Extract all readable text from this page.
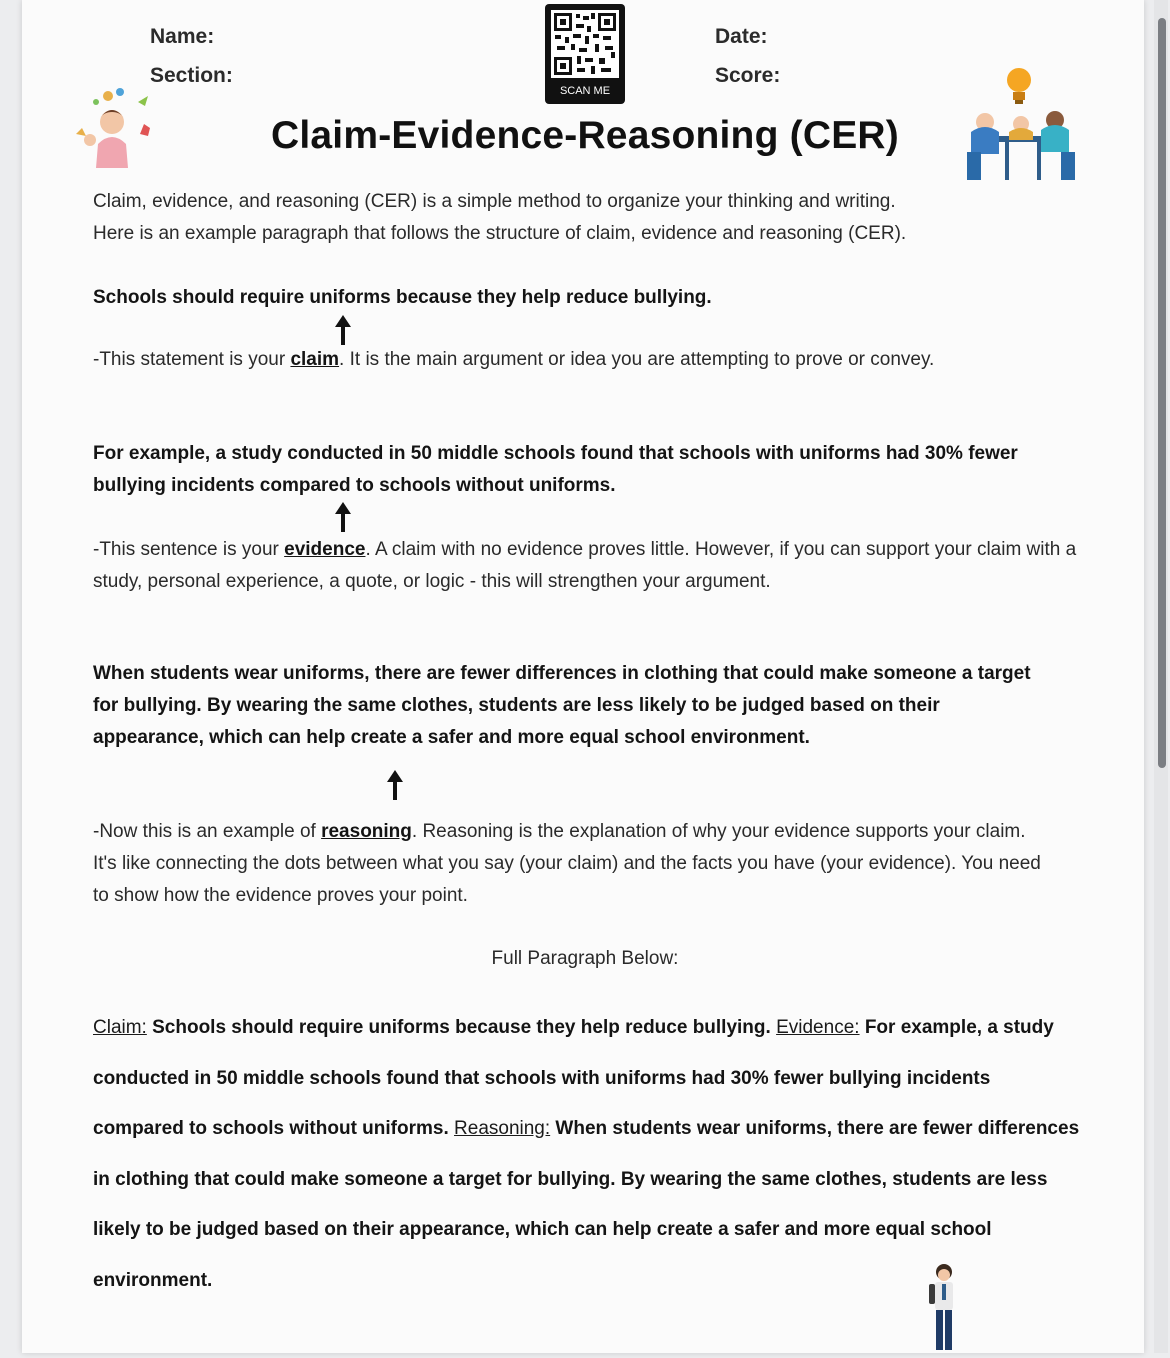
Name:
Section:
Date:
Score:
SCAN ME
Claim-Evidence-Reasoning (CER)
Claim, evidence, and reasoning (CER) is a simple method to organize your thinking and writing.
Here is an example paragraph that follows the structure of claim, evidence and reasoning (CER).
Schools should require uniforms because they help reduce bullying.
-This statement is your claim. It is the main argument or idea you are attempting to prove or convey.
For example, a study conducted in 50 middle schools found that schools with uniforms had 30% fewer bullying incidents compared to schools without uniforms.
-This sentence is your evidence. A claim with no evidence proves little. However, if you can support your claim with a study, personal experience, a quote, or logic - this will strengthen your argument.
When students wear uniforms, there are fewer differences in clothing that could make someone a target for bullying. By wearing the same clothes, students are less likely to be judged based on their appearance, which can help create a safer and more equal school environment.
-Now this is an example of reasoning. Reasoning is the explanation of why your evidence supports your claim. It's like connecting the dots between what you say (your claim) and the facts you have (your evidence). You need to show how the evidence proves your point.
Full Paragraph Below:
Claim: Schools should require uniforms because they help reduce bullying. Evidence: For example, a study conducted in 50 middle schools found that schools with uniforms had 30% fewer bullying incidents compared to schools without uniforms. Reasoning: When students wear uniforms, there are fewer differences in clothing that could make someone a target for bullying. By wearing the same clothes, students are less likely to be judged based on their appearance, which can help create a safer and more equal school environment.
